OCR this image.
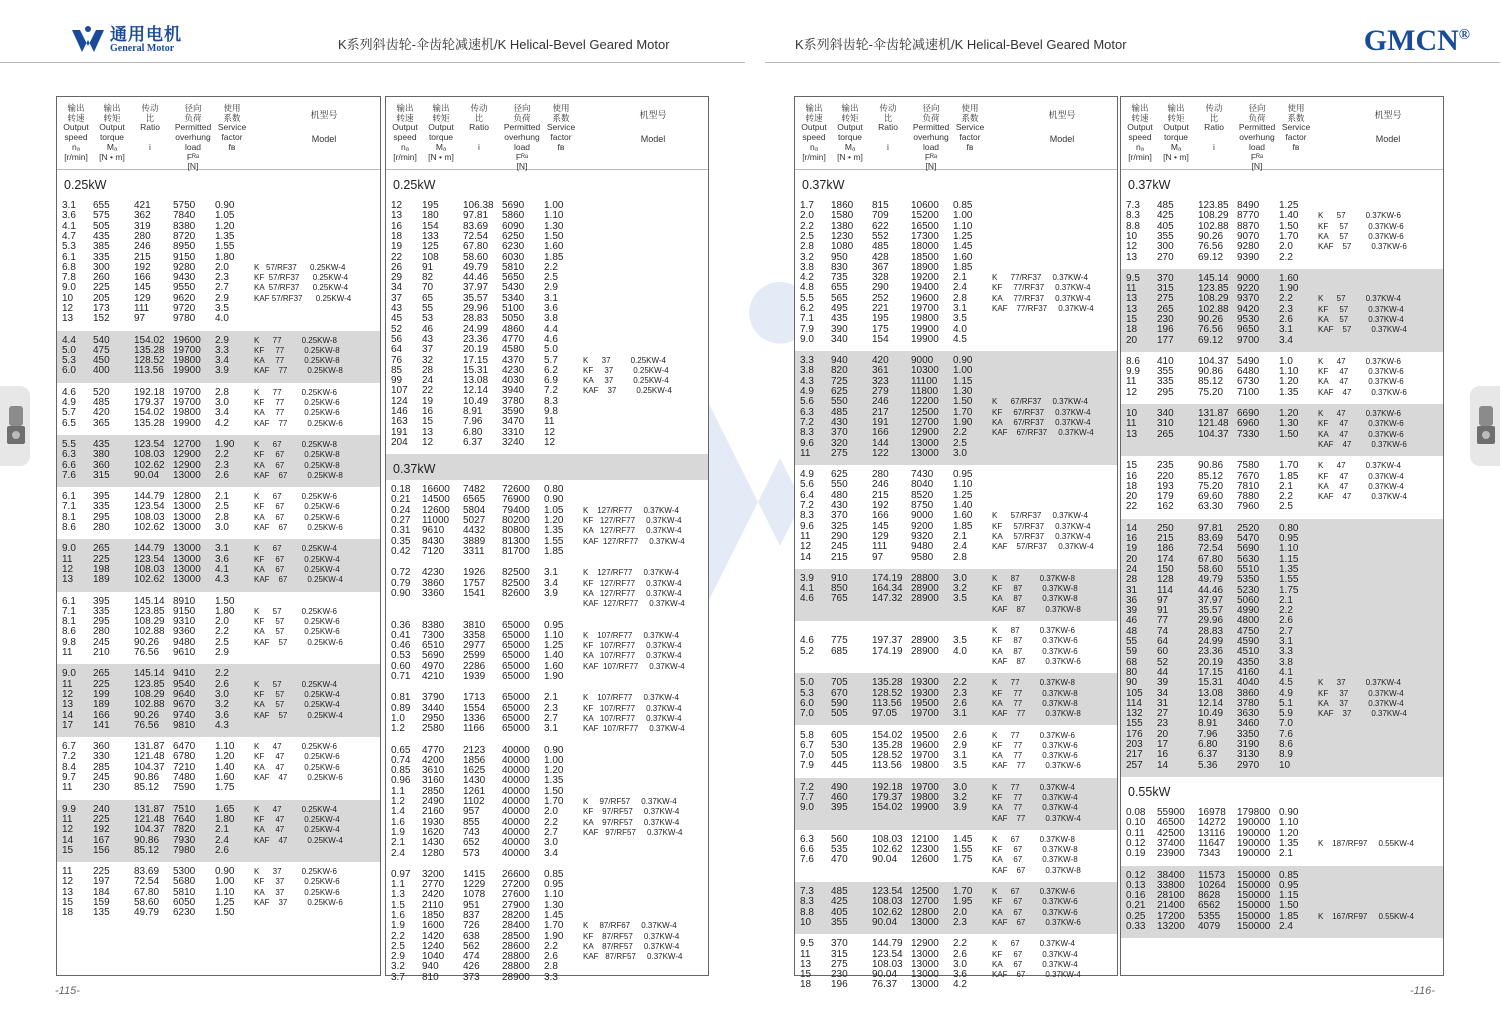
通用电机
General Motor	K系列斜齿轮-伞齿轮减速机/K Helical-Bevel Geared Motor	K系列斜齿轮-伞齿轮减速机/K Helical-Bevel Geared Motor	GMCN®
输出
转速
Output
speed
nₐ
[r/min]
输出
转矩
Output
torque
Mₐ
[N • m]
传动
比
Ratio

i
径向
负荷
Permitted
overhung
load
Fᴿᵃ
[N]
使用
系数
Service
factor
fʙ
机型号

Model
0.25kW
3.1 655 421 5750 0.90
3.6 575 362 7840 1.05
4.1 505 319 8380 1.20
4.7 435 280 8720 1.35
5.3 385 246 8950 1.55
6.1 335 215 9150 1.80
6.8 300 192 9280 2.0
7.8 260 166 9430 2.3
9.0 225 145 9550 2.7
10 205 129 9620 2.9
12 173 111 9720 3.5
13 152 97	9780 4.0
K   57/RF37      0.25KW-4
KF  57/RF37      0.25KW-4
KA  57/RF37      0.25KW-4
KAF 57/RF37      0.25KW-4
4.4 540 154.02 19600 2.9
5.0 475 135.28 19700 3.3
5.3 450 128.52 19800 3.4
6.0 400 113.56 19900 3.9
K      77         0.25KW-8
KF     77         0.25KW-8
KA     77         0.25KW-8
KAF    77         0.25KW-8
4.6 520 192.18 19700 2.8
4.9 485 179.37 19700 3.0
5.7 420 154.02 19800 3.4
6.5 365 135.28 19900 4.2
K      77         0.25KW-6
KF     77         0.25KW-6
KA     77         0.25KW-6
KAF    77         0.25KW-6
5.5 435 123.54 12700 1.90
6.3 380 108.03 12900 2.2
6.6 360 102.62 12900 2.3
7.6 315 90.04 13000 2.6
K      67         0.25KW-8
KF     67         0.25KW-8
KA     67         0.25KW-8
KAF    67         0.25KW-8
6.1 395 144.79 12800 2.1
7.1 335 123.54 13000 2.5
8.1 295 108.03 13000 2.8
8.6 280 102.62 13000 3.0
K      67         0.25KW-6
KF     67         0.25KW-6
KA     67         0.25KW-6
KAF    67         0.25KW-6
9.0 265 144.79 13000 3.1
11 225 123.54 13000 3.6
12 198 108.03 13000 4.1
13 189 102.62 13000 4.3
K      67         0.25KW-4
KF     67         0.25KW-4
KA     67         0.25KW-4
KAF    67         0.25KW-4
6.1 395 145.14 8910 1.50
7.1 335 123.85 9150 1.80
8.1 295 108.29 9310 2.0
8.6 280 102.88 9360 2.2
9.8 245 90.26 9480 2.5
11 210 76.56 9610 2.9
K      57         0.25KW-6
KF     57         0.25KW-6
KA     57         0.25KW-6
KAF    57         0.25KW-6
9.0 265 145.14 9410 2.2
11 225 123.85 9540 2.6
12 199 108.29 9640 3.0
13 189 102.88 9670 3.2
14 166 90.26 9740 3.6
17 141 76.56 9810 4.3
K      57         0.25KW-4
KF     57         0.25KW-4
KA     57         0.25KW-4
KAF    57         0.25KW-4
6.7 360 131.87 6470 1.10
7.2 330 121.48 6780 1.20
8.4 285 104.37 7210 1.40
9.7 245 90.86 7480 1.60
11 230 85.12 7590 1.75
K      47         0.25KW-6
KF     47         0.25KW-6
KA     47         0.25KW-6
KAF    47         0.25KW-6
9.9 240 131.87 7510 1.65
11 225 121.48 7640 1.80
12 192 104.37 7820 2.1
14 167 90.86 7930 2.4
15 156 85.12 7980 2.6
K      47         0.25KW-4
KF     47         0.25KW-4
KA     47         0.25KW-4
KAF    47         0.25KW-4
11 225 83.69 5300 0.90
12 197 72.54 5680 1.00
13 184 67.80 5810 1.10
15 159 58.60 6050 1.25
18 135 49.79 6230 1.50
K      37         0.25KW-6
KF     37         0.25KW-6
KA     37         0.25KW-6
KAF    37         0.25KW-6
输出
转速
Output
speed
nₐ
[r/min]
输出
转矩
Output
torque
Mₐ
[N • m]
传动
比
Ratio

i
径向
负荷
Permitted
overhung
load
Fᴿᵃ
[N]
使用
系数
Service
factor
fʙ
机型号

Model
0.25kW
12 195 106.38 5690 1.00
13 180 97.81 5860 1.10
16 154 83.69 6090 1.30
18 133 72.54 6250 1.50
19 125 67.80 6230 1.60
22 108 58.60 6030 1.85
26 91	49.79 5810 2.2
29 82	44.46 5650 2.5
34 70	37.97 5430 2.9
37 65	35.57 5340 3.1
43 55	29.96 5100 3.6
45 53	28.83 5050 3.8
52 46	24.99 4860 4.4
56 43	23.36 4770 4.6
64 37	20.19 4580 5.0
76 32	17.15 4370 5.7
85 28	15.31 4230 6.2
99 24	13.08 4030 6.9
107 22	12.14 3940 7.2
124 19	10.49 3780 8.3
146 16	8.91 3590 9.8
163 15	7.96 3470 11
191 13	6.80 3310 12
204 12	6.37 3240 12
K      37         0.25KW-4
KF     37         0.25KW-4
KA     37         0.25KW-4
KAF    37         0.25KW-4
0.37kW
0.18 16600 7482 72600 0.80
0.21 14500 6565 76900 0.90
0.24 12600 5804 79400 1.05
0.27 11000 5027 80200 1.20
0.31 9610 4432 80800 1.35
0.35 8430 3889 81300 1.55
0.42 7120 3311 81700 1.85
K    127/RF77     0.37KW-4
KF   127/RF77     0.37KW-4
KA   127/RF77     0.37KW-4
KAF  127/RF77     0.37KW-4
0.72 4230 1926 82500 3.1
0.79 3860 1757 82500 3.4
0.90 3360 1541 82600 3.9
K    127/RF77     0.37KW-4
KF   127/RF77     0.37KW-4
KA   127/RF77     0.37KW-4
KAF  127/RF77     0.37KW-4
0.36 8380 3810 65000 0.95
0.41 7300 3358 65000 1.10
0.46 6510 2977 65000 1.25
0.53 5690 2599 65000 1.40
0.60 4970 2286 65000 1.60
0.71 4210 1939 65000 1.90
K    107/RF77     0.37KW-4
KF   107/RF77     0.37KW-4
KA   107/RF77     0.37KW-4
KAF  107/RF77     0.37KW-4
0.81 3790 1713 65000 2.1
0.89 3440 1554 65000 2.3
1.0 2950 1336 65000 2.7
1.2 2580 1166 65000 3.1
K    107/RF77     0.37KW-4
KF   107/RF77     0.37KW-4
KA   107/RF77     0.37KW-4
KAF  107/RF77     0.37KW-4
0.65 4770 2123 40000 0.90
0.74 4200 1856 40000 1.00
0.85 3610 1625 40000 1.20
0.96 3160 1430 40000 1.35
1.1 2850 1261 40000 1.50
1.2 2490 1102 40000 1.70
1.4 2160 957 40000 2.0
1.6 1930 855 40000 2.2
1.9 1620 743 40000 2.7
2.1 1430 652 40000 3.0
2.4 1280 573 40000 3.4
K     97/RF57     0.37KW-4
KF    97/RF57     0.37KW-4
KA    97/RF57     0.37KW-4
KAF   97/RF57     0.37KW-4
0.97 3200 1415 26600 0.85
1.1 2770 1229 27200 0.95
1.3 2420 1078 27600 1.10
1.5 2110 951 27900 1.30
1.6 1850 837 28200 1.45
1.9 1600 726 28400 1.70
2.2 1420 638 28500 1.90
2.5 1240 562 28600 2.2
2.9 1040 474 28800 2.6
3.2 940 426 28800 2.8
3.7 810 373 28900 3.3
K     87/RF67     0.37KW-4
KF    87/RF57     0.37KW-4
KA    87/RF57     0.37KW-4
KAF   87/RF57     0.37KW-4
输出
转速
Output
speed
nₐ
[r/min]
输出
转矩
Output
torque
Mₐ
[N • m]
传动
比
Ratio

i
径向
负荷
Permitted
overhung
load
Fᴿᵃ
[N]
使用
系数
Service
factor
fʙ
机型号

Model
0.37kW
1.7 1860 815 10600 0.85
2.0 1580 709 15200 1.00
2.2 1380 622 16500 1.10
2.5 1230 552 17300 1.25
2.8 1080 485 18000 1.45
3.2 950 428 18500 1.60
3.8 830 367 18900 1.85
4.2 735 328 19200 2.1
4.8 655 290 19400 2.4
5.5 565 252 19600 2.8
6.2 495 221 19700 3.1
7.1 435 195 19800 3.5
7.9 390 175 19900 4.0
9.0 340 154 19900 4.5
K      77/RF37     0.37KW-4
KF     77/RF37     0.37KW-4
KA     77/RF37     0.37KW-4
KAF    77/RF37     0.37KW-4
3.3 940 420 9000 0.90
3.8 820 361 10300 1.00
4.3 725 323 11100 1.15
4.9 625 279 11800 1.30
5.6 550 246 12200 1.50
6.3 485 217 12500 1.70
7.2 430 191 12700 1.90
8.3 370 166 12900 2.2
9.6 320 144 13000 2.5
11 275 122 13000 3.0
K      67/RF37     0.37KW-4
KF     67/RF37     0.37KW-4
KA     67/RF37     0.37KW-4
KAF    67/RF37     0.37KW-4
4.9 625 280 7430 0.95
5.6 550 246 8040 1.10
6.4 480 215 8520 1.25
7.2 430 192 8750 1.40
8.3 370 166 9000 1.60
9.6 325 145 9200 1.85
11 290 129 9320 2.1
12 245 111 9480 2.4
14 215 97	9580 2.8
K      57/RF37     0.37KW-4
KF     57/RF37     0.37KW-4
KA     57/RF37     0.37KW-4
KAF    57/RF37     0.37KW-4
3.9 910 174.19 28800 3.0
4.1 850 164.34 28900 3.2
4.6 765 147.32 28900 3.5
K      87         0.37KW-8
KF     87         0.37KW-8
KA     87         0.37KW-8
KAF    87         0.37KW-8

4.6 775 197.37 28900 3.5
5.2 685 174.19 28900 4.0
K      87         0.37KW-6
KF     87         0.37KW-6
KA     87         0.37KW-6
KAF    87         0.37KW-6
5.0 705 135.28 19300 2.2
5.3 670 128.52 19300 2.3
6.0 590 113.56 19500 2.6
7.0 505 97.05 19700 3.1
K      77         0.37KW-8
KF     77         0.37KW-8
KA     77         0.37KW-8
KAF    77         0.37KW-8
5.8 605 154.02 19500 2.6
6.7 530 135.28 19600 2.9
7.0 505 128.52 19700 3.1
7.9 445 113.56 19800 3.5
K      77         0.37KW-6
KF     77         0.37KW-6
KA     77         0.37KW-6
KAF    77         0.37KW-6
7.2 490 192.18 19700 3.0
7.7 460 179.37 19800 3.2
9.0 395 154.02 19900 3.9
K      77         0.37KW-4
KF     77         0.37KW-4
KA     77         0.37KW-4
KAF    77         0.37KW-4
6.3 560 108.03 12100 1.45
6.6 535 102.62 12300 1.55
7.6 470 90.04 12600 1.75
K      67         0.37KW-8
KF     67         0.37KW-8
KA     67         0.37KW-8
KAF    67         0.37KW-8
7.3 485 123.54 12500 1.70
8.3 425 108.03 12700 1.95
8.8 405 102.62 12800 2.0
10 355 90.04 13000 2.3
K      67         0.37KW-6
KF     67         0.37KW-6
KA     67         0.37KW-6
KAF    67         0.37KW-6
9.5 370 144.79 12900 2.2
11 315 123.54 13000 2.6
13 275 108.03 13000 3.0
15 230 90.04 13000 3.6
18 196 76.37 13000 4.2
K      67         0.37KW-4
KF     67         0.37KW-4
KA     67         0.37KW-4
KAF    67         0.37KW-4
输出
转速
Output
speed
nₐ
[r/min]
输出
转矩
Output
torque
Mₐ
[N • m]
传动
比
Ratio

i
径向
负荷
Permitted
overhung
load
Fᴿᵃ
[N]
使用
系数
Service
factor
fʙ
机型号

Model
0.37kW
7.3 485 123.85 8490 1.25
8.3 425 108.29 8770 1.40
8.8 405 102.88 8870 1.50
10 355 90.26 9070 1.70
12 300 76.56 9280 2.0
13 270 69.12 9390 2.2
K      57         0.37KW-6
KF     57         0.37KW-6
KA     57         0.37KW-6
KAF    57         0.37KW-6
9.5 370 145.14 9000 1.60
11 315 123.85 9220 1.90
13 275 108.29 9370 2.2
13 265 102.88 9420 2.3
15 230 90.26 9530 2.6
18 196 76.56 9650 3.1
20 177 69.12 9700 3.4
K      57         0.37KW-4
KF     57         0.37KW-4
KA     57         0.37KW-4
KAF    57         0.37KW-4
8.6 410 104.37 5490 1.0
9.9 355 90.86 6480 1.10
11 335 85.12 6730 1.20
12 295 75.20 7100 1.35
K      47         0.37KW-6
KF     47         0.37KW-6
KA     47         0.37KW-6
KAF    47         0.37KW-6
10 340 131.87 6690 1.20
11 310 121.48 6960 1.30
13 265 104.37 7330 1.50
K      47         0.37KW-6
KF     47         0.37KW-6
KA     47         0.37KW-6
KAF    47         0.37KW-6
15 235 90.86 7580 1.70
16 220 85.12 7670 1.85
18 193 75.20 7810 2.1
20 179 69.60 7880 2.2
22 162 63.30 7960 2.5
K      47         0.37KW-4
KF     47         0.37KW-4
KA     47         0.37KW-4
KAF    47         0.37KW-4
14 250 97.81 2520 0.80
16 215 83.69 5470 0.95
19 186 72.54 5690 1.10
20 174 67.80 5630 1.15
24 150 58.60 5510 1.35
28 128 49.79 5350 1.55
31 114	44.46 5230 1.75
36 97	37.97 5060 2.1
39 91	35.57 4990 2.2
46 77	29.96 4800 2.6
48 74	28.83 4750 2.7
55 64	24.99 4590 3.1
59 60	23.36 4510 3.3
68 52	20.19 4350 3.8
80 44	17.15 4160 4.1
90 39	15.31 4040 4.5
105 34	13.08 3860 4.9
114 31	12.14 3780 5.1
132 27	10.49 3630 5.9
155 23	8.91 3460 7.0
176 20	7.96 3350 7.6
203 17	6.80 3190 8.6
217 16	6.37 3130 8.9
257 14	5.36 2970 10
K      37         0.37KW-4
KF     37         0.37KW-4
KA     37         0.37KW-4
KAF    37         0.37KW-4
0.55kW
0.08 55900 16978 179800 0.90
0.10 46500 14272 190000 1.10
0.11 42500 13116 190000 1.20
0.12 37400 11647 190000 1.35
0.19 23900 7343 190000 2.1
K    187/RF97     0.55KW-4
0.12 38400 11573 150000 0.85
0.13 33800 10264 150000 0.95
0.16 28100 8628 150000 1.15
0.21 21400 6562 150000 1.50
0.25 17200 5355 150000 1.85
0.33 13200 4079 150000 2.4
K    167/RF97     0.55KW-4
-115-	-116-
